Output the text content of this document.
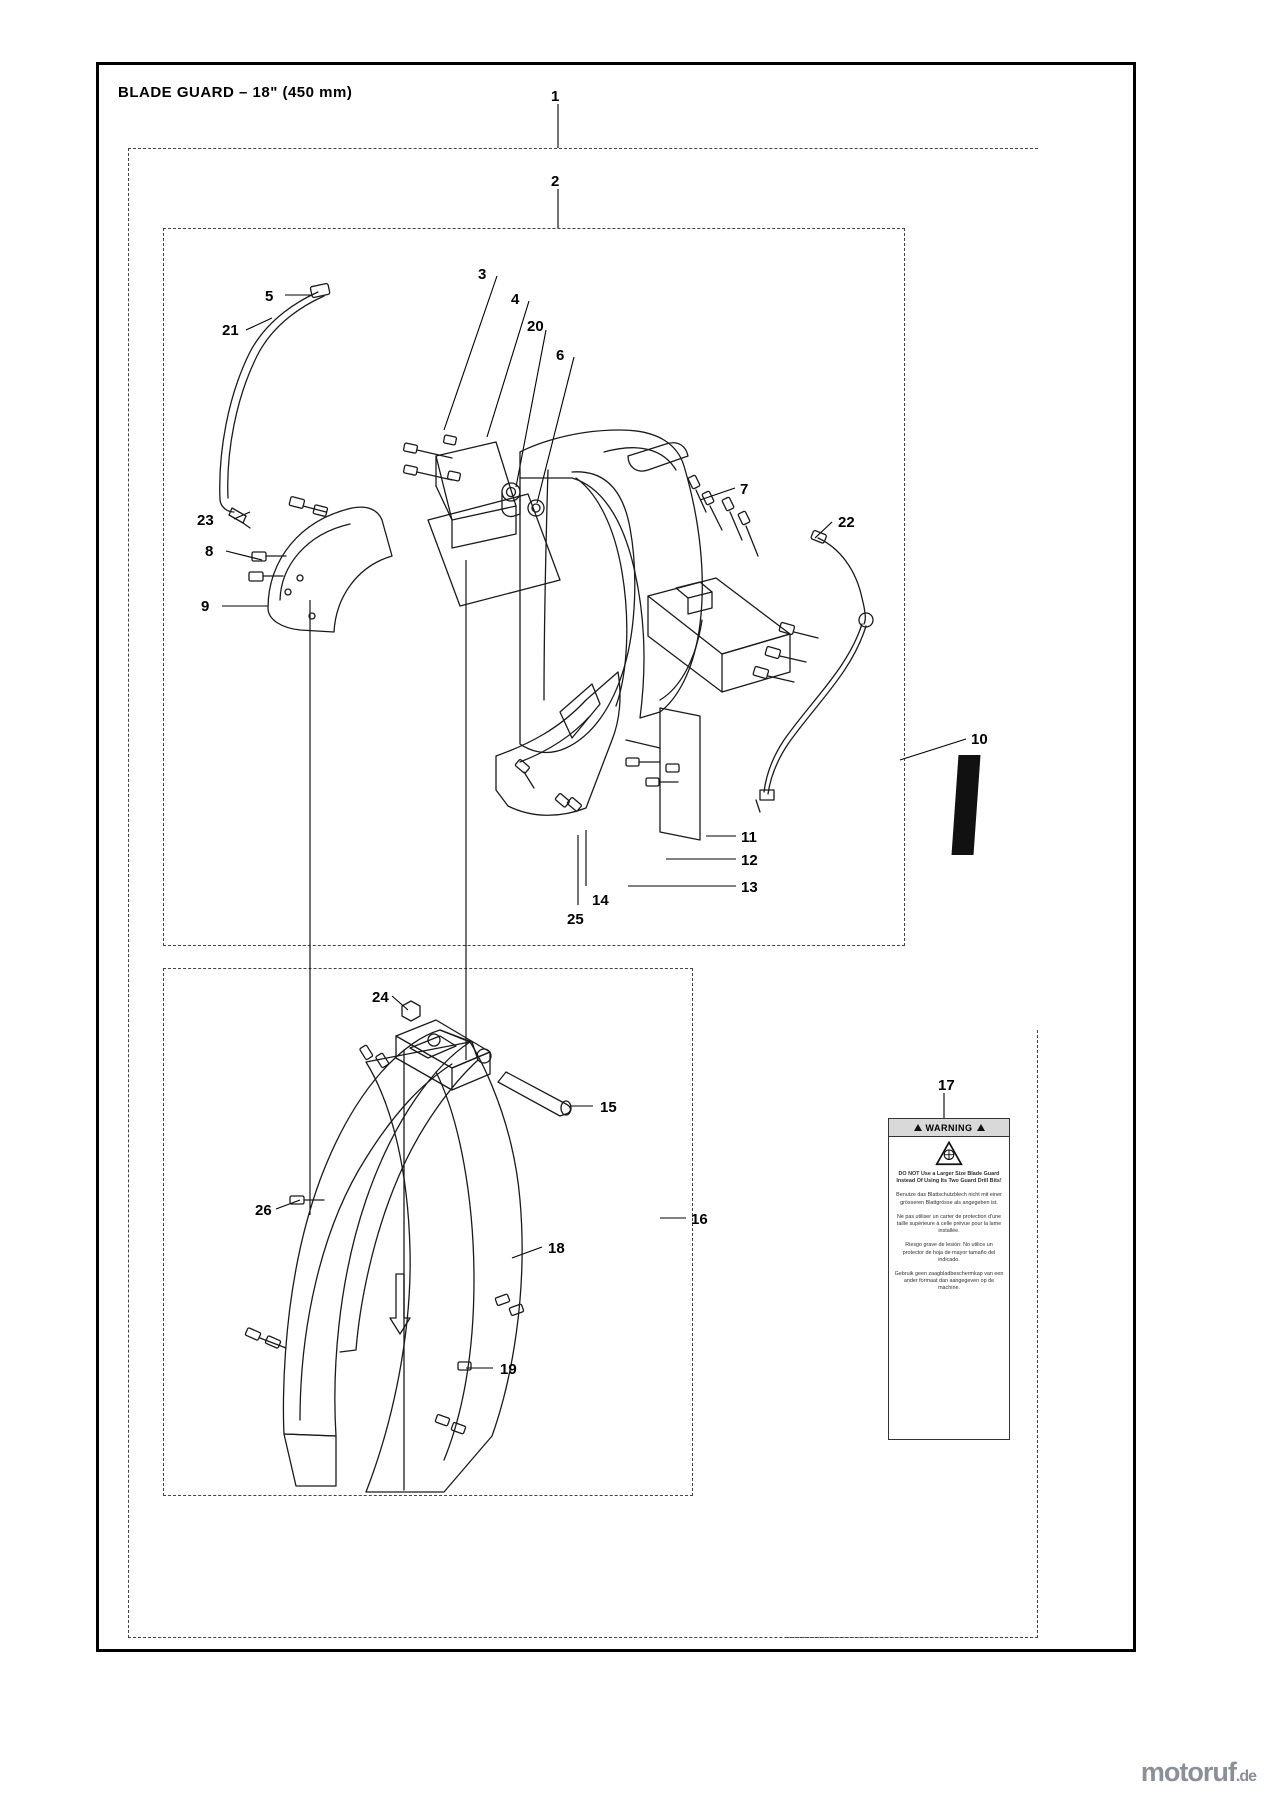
BLADE GUARD – 18" (450 mm)	1
2
3
4
5
6
7
8
9
10
11
12
13
14
15
16
17
18
19
20
21
22
23
24
25
26
WARNING

DO NOT Use a Larger Size Blade Guard Instead Of Using Its Two Guard Drill Bits!

Benutze das Blattschutzblech nicht mit einer grösseren Blattgrösse als angegeben ist.

Ne pas utiliser un carter de protection d'une taille supérieure à celle prévue pour la lame installée.

Riesgo grave de lesión: No utilice un protector de hoja de mayor tamaño del indicado.

Gebruik geen zaagbladbeschermkap van een ander formaat dan aangegeven op de machine.

motoruf.de
